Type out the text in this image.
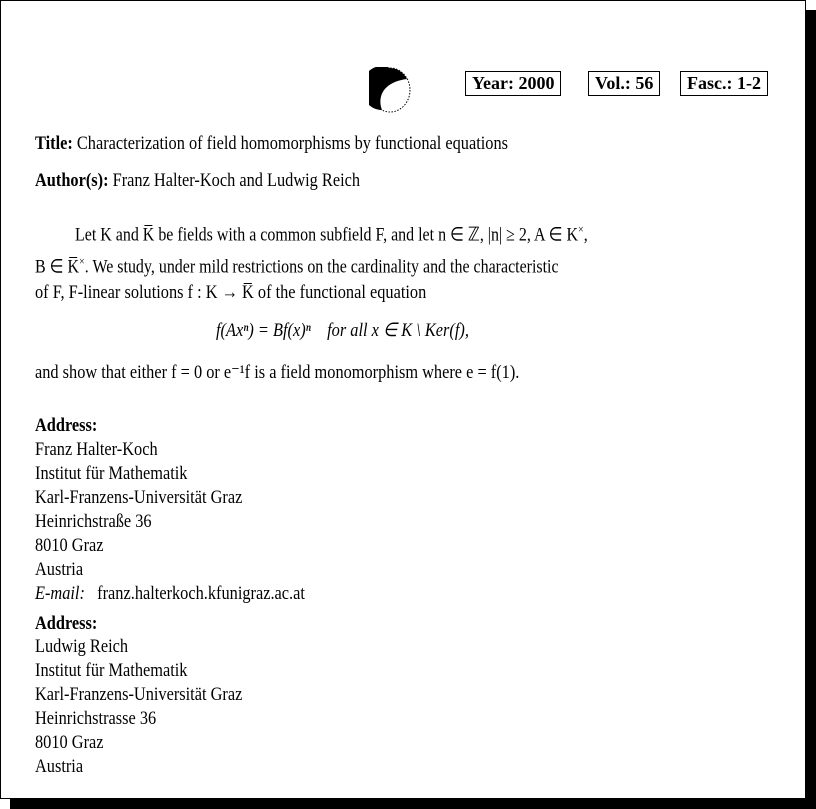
Year: 2000	Vol.: 56	Fasc.: 1-2
Title: Characterization of field homomorphisms by functional equations
Author(s): Franz Halter-Koch and Ludwig Reich
Let K and K̅ be fields with a common subfield F, and let n ∈ ℤ, |n| ≥ 2, A ∈ K×,
B ∈ K̅×. We study, under mild restrictions on the cardinality and the characteristic
of F, F-linear solutions f : K → K̅ of the functional equation
f(Axⁿ) = Bf(x)ⁿ    for all x ∈ K \ Ker(f),
and show that either f = 0 or e⁻¹f is a field monomorphism where e = f(1).
Address:
Franz Halter-Koch
Institut für Mathematik
Karl-Franzens-Universität Graz
Heinrichstraße 36
8010 Graz
Austria
E-mail: franz.halterkoch.kfunigraz.ac.at
Address:
Ludwig Reich
Institut für Mathematik
Karl-Franzens-Universität Graz
Heinrichstrasse 36
8010 Graz
Austria
